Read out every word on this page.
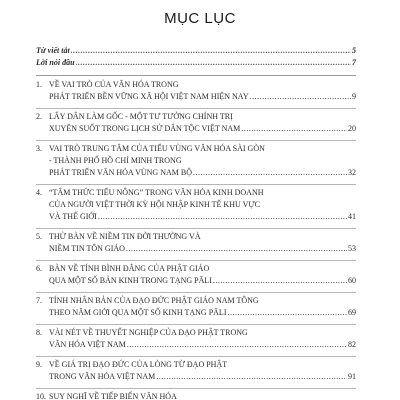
MỤC LỤC
Từ viết tắt .....	5
Lời nói đầu .....	7
1. VỀ VAI TRÒ CỦA VĂN HÓA TRONG
PHÁT TRIỂN BỀN VỮNG XÃ HỘI VIỆT NAM HIỆN NAY .....	9
2. LẤY DÂN LÀM GỐC - MỘT TƯ TƯỞNG CHÍNH TRỊ
XUYÊN SUỐT TRONG LỊCH SỬ DÂN TỘC VIỆT NAM .....	20
3. VAI TRÒ TRUNG TÂM CỦA TIỂU VÙNG VĂN HÓA SÀI GÒN
- THÀNH PHỐ HỒ CHÍ MINH TRONG
PHÁT TRIỂN VĂN HÓA VÙNG NAM BỘ .....	32
4. “TÂM THỨC TIỂU NÔNG” TRONG VĂN HÓA KINH DOANH
CỦA NGƯỜI VIỆT THỜI KỲ HỘI NHẬP KINH TẾ KHU VỰC
VÀ THẾ GIỚI .....	41
5. THỬ BÀN VỀ NIỀM TIN ĐỜI THƯỜNG VÀ
NIỀM TIN TÔN GIÁO .....	53
6. BÀN VỀ TÍNH BÌNH ĐẲNG CỦA PHẬT GIÁO
QUA MỘT SỐ BẢN KINH TRONG TẠNG PĀLI .....	60
7. TÍNH NHÂN BẢN CỦA ĐẠO ĐỨC PHẬT GIÁO NAM TÔNG
THEO NĂM GIỚI QUA MỘT SỐ KINH TẠNG PĀLI .....	69
8. VÀI NÉT VỀ THUYẾT NGHIỆP CỦA ĐẠO PHẬT TRONG
VĂN HÓA VIỆT NAM .....	82
9. VỀ GIÁ TRỊ ĐẠO ĐỨC CỦA LÒNG TỪ ĐẠO PHẬT
TRONG VĂN HÓA VIỆT NAM .....	91
10. SUY NGHĨ VỀ TIẾP BIẾN VĂN HÓA
